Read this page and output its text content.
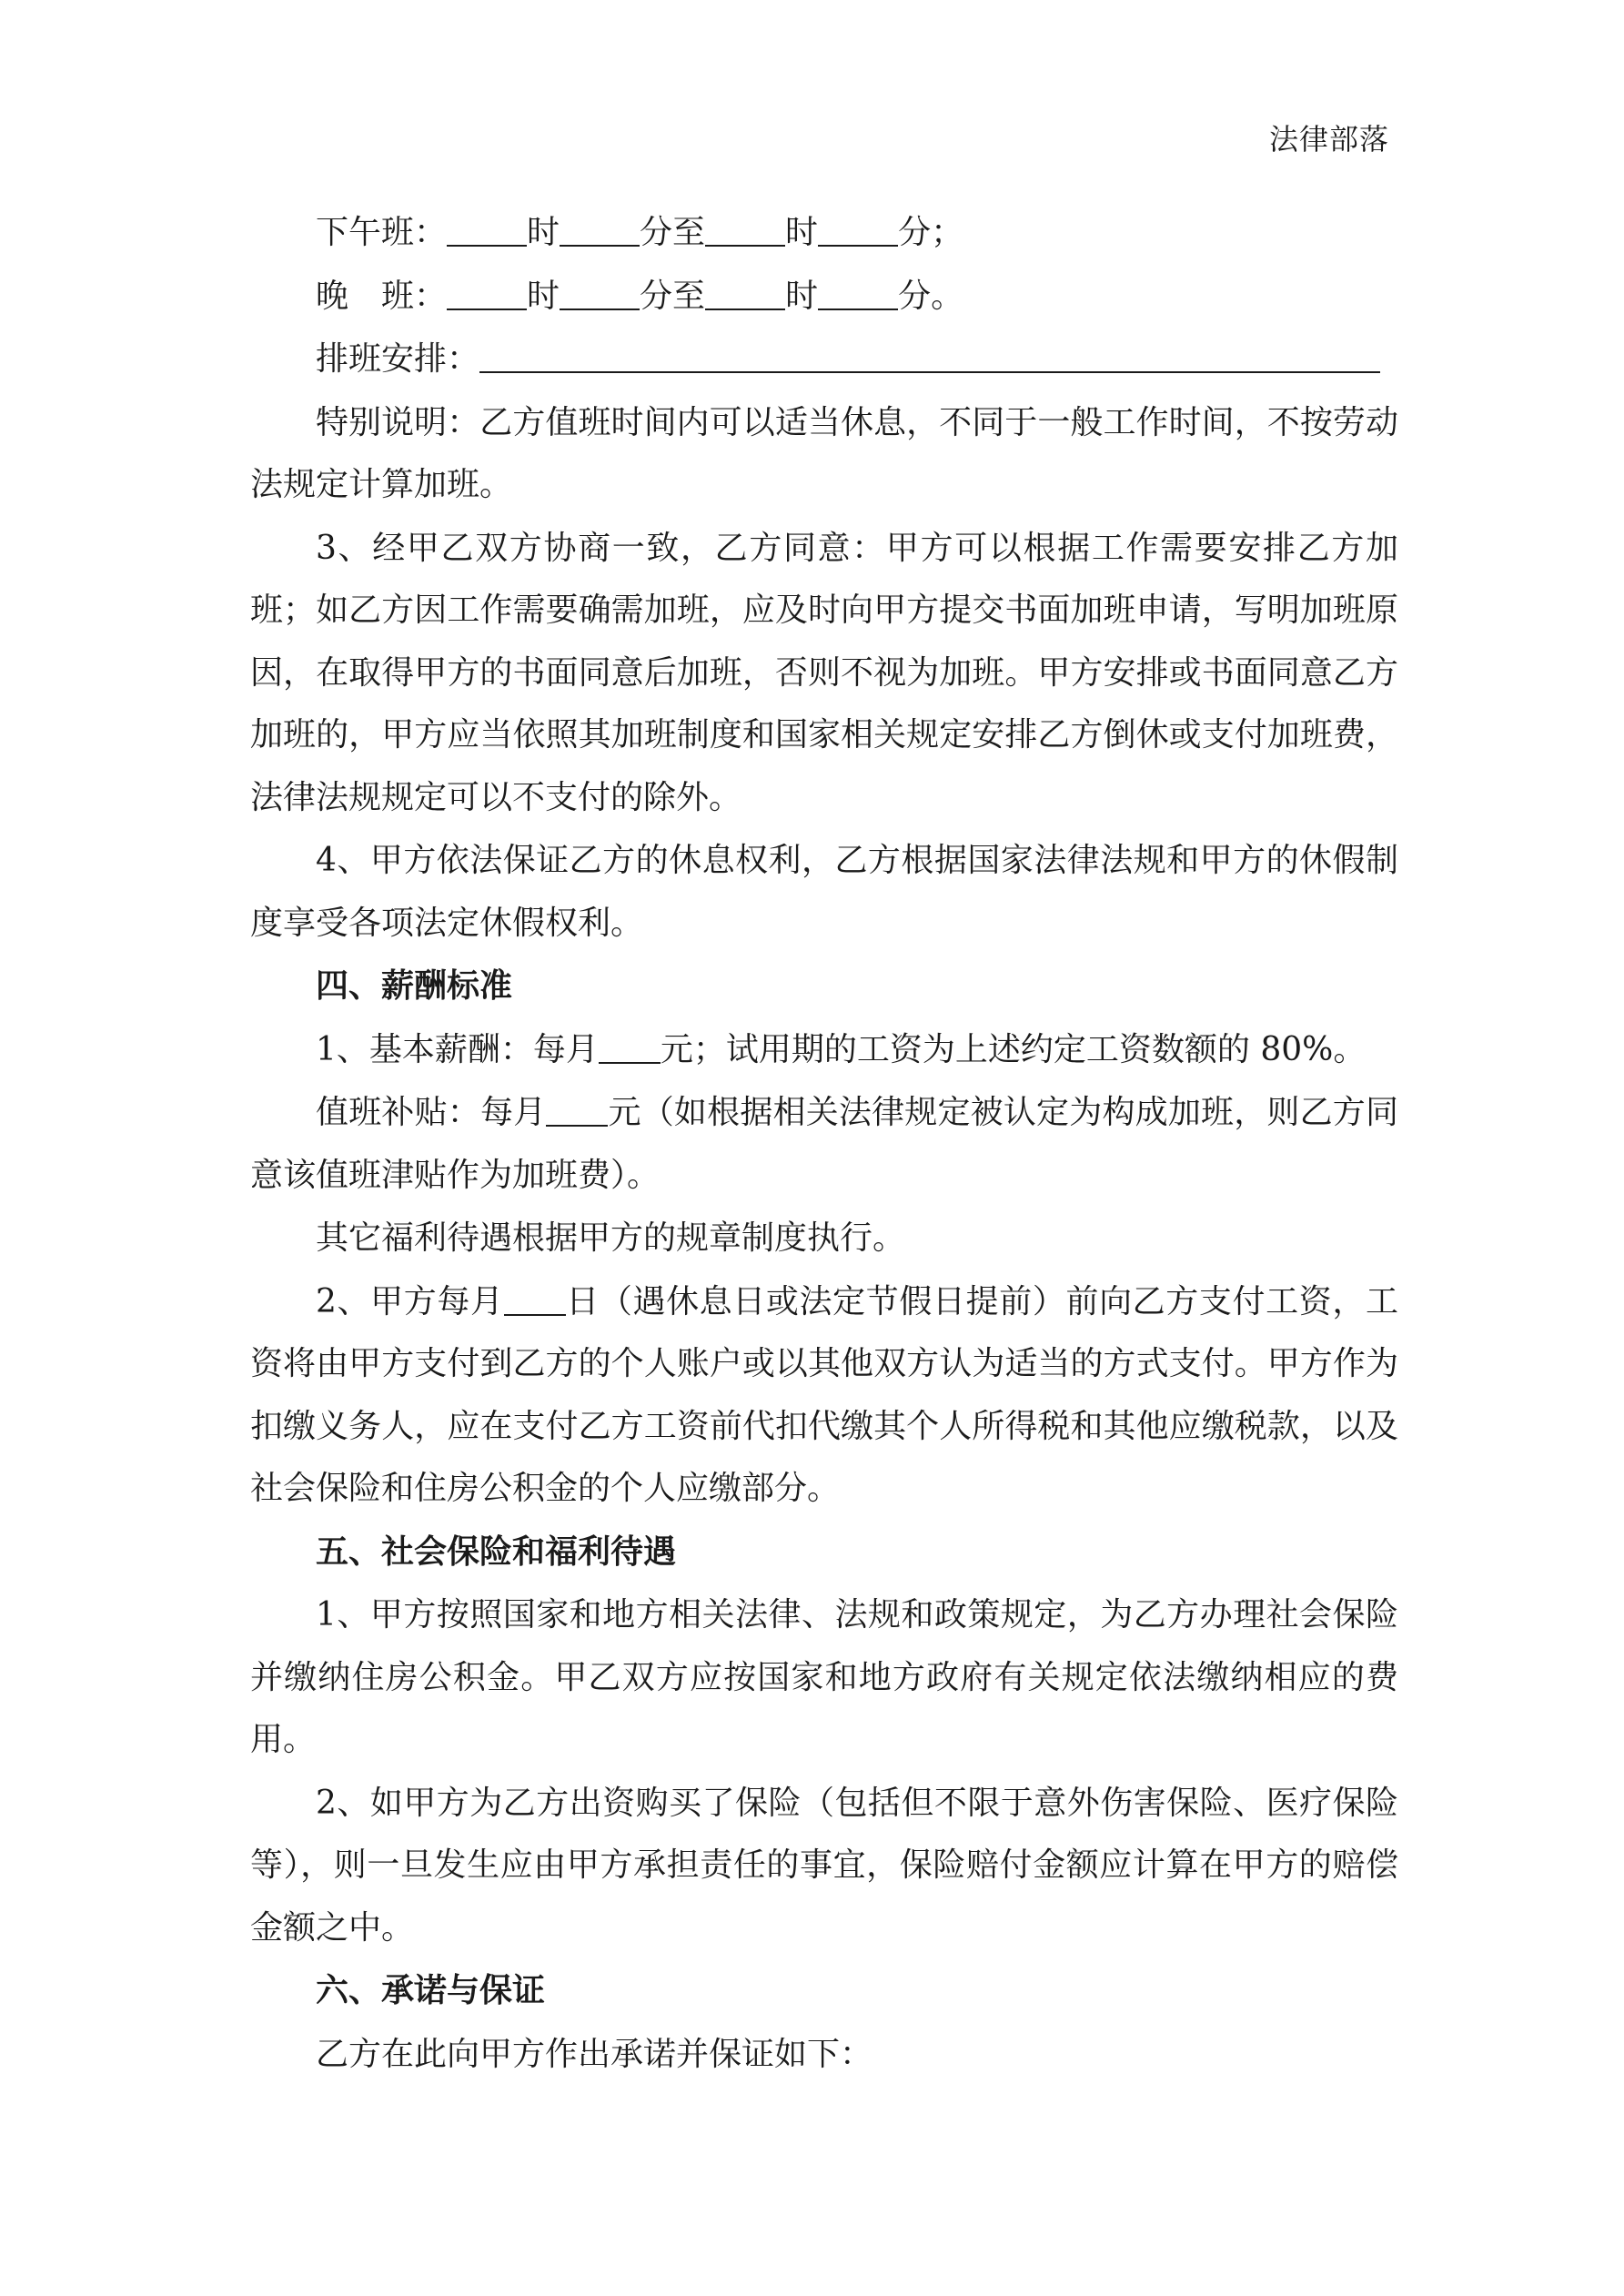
法律部落
下午班： 时 分至 时 分；
晚 班： 时 分至 时 分。
排班安排：
特别说明：乙方值班时间内可以适当休息，不同于一般工作时间，不按劳动法规定计算加班。
3、经甲乙双方协商一致，乙方同意：甲方可以根据工作需要安排乙方加班；如乙方因工作需要确需加班，应及时向甲方提交书面加班申请，写明加班原因，在取得甲方的书面同意后加班，否则不视为加班。甲方安排或书面同意乙方加班的，甲方应当依照其加班制度和国家相关规定安排乙方倒休或支付加班费，法律法规规定可以不支付的除外。
4、甲方依法保证乙方的休息权利，乙方根据国家法律法规和甲方的休假制度享受各项法定休假权利。
四、薪酬标准
1、基本薪酬：每月 元；试用期的工资为上述约定工资数额的 80%。
值班补贴：每月 元（如根据相关法律规定被认定为构成加班，则乙方同意该值班津贴作为加班费）。
其它福利待遇根据甲方的规章制度执行。
2、甲方每月 日（遇休息日或法定节假日提前）前向乙方支付工资，工资将由甲方支付到乙方的个人账户或以其他双方认为适当的方式支付。甲方作为扣缴义务人，应在支付乙方工资前代扣代缴其个人所得税和其他应缴税款，以及社会保险和住房公积金的个人应缴部分。
五、社会保险和福利待遇
1、甲方按照国家和地方相关法律、法规和政策规定，为乙方办理社会保险并缴纳住房公积金。甲乙双方应按国家和地方政府有关规定依法缴纳相应的费用。
2、如甲方为乙方出资购买了保险（包括但不限于意外伤害保险、医疗保险等），则一旦发生应由甲方承担责任的事宜，保险赔付金额应计算在甲方的赔偿金额之中。
六、承诺与保证
乙方在此向甲方作出承诺并保证如下：
